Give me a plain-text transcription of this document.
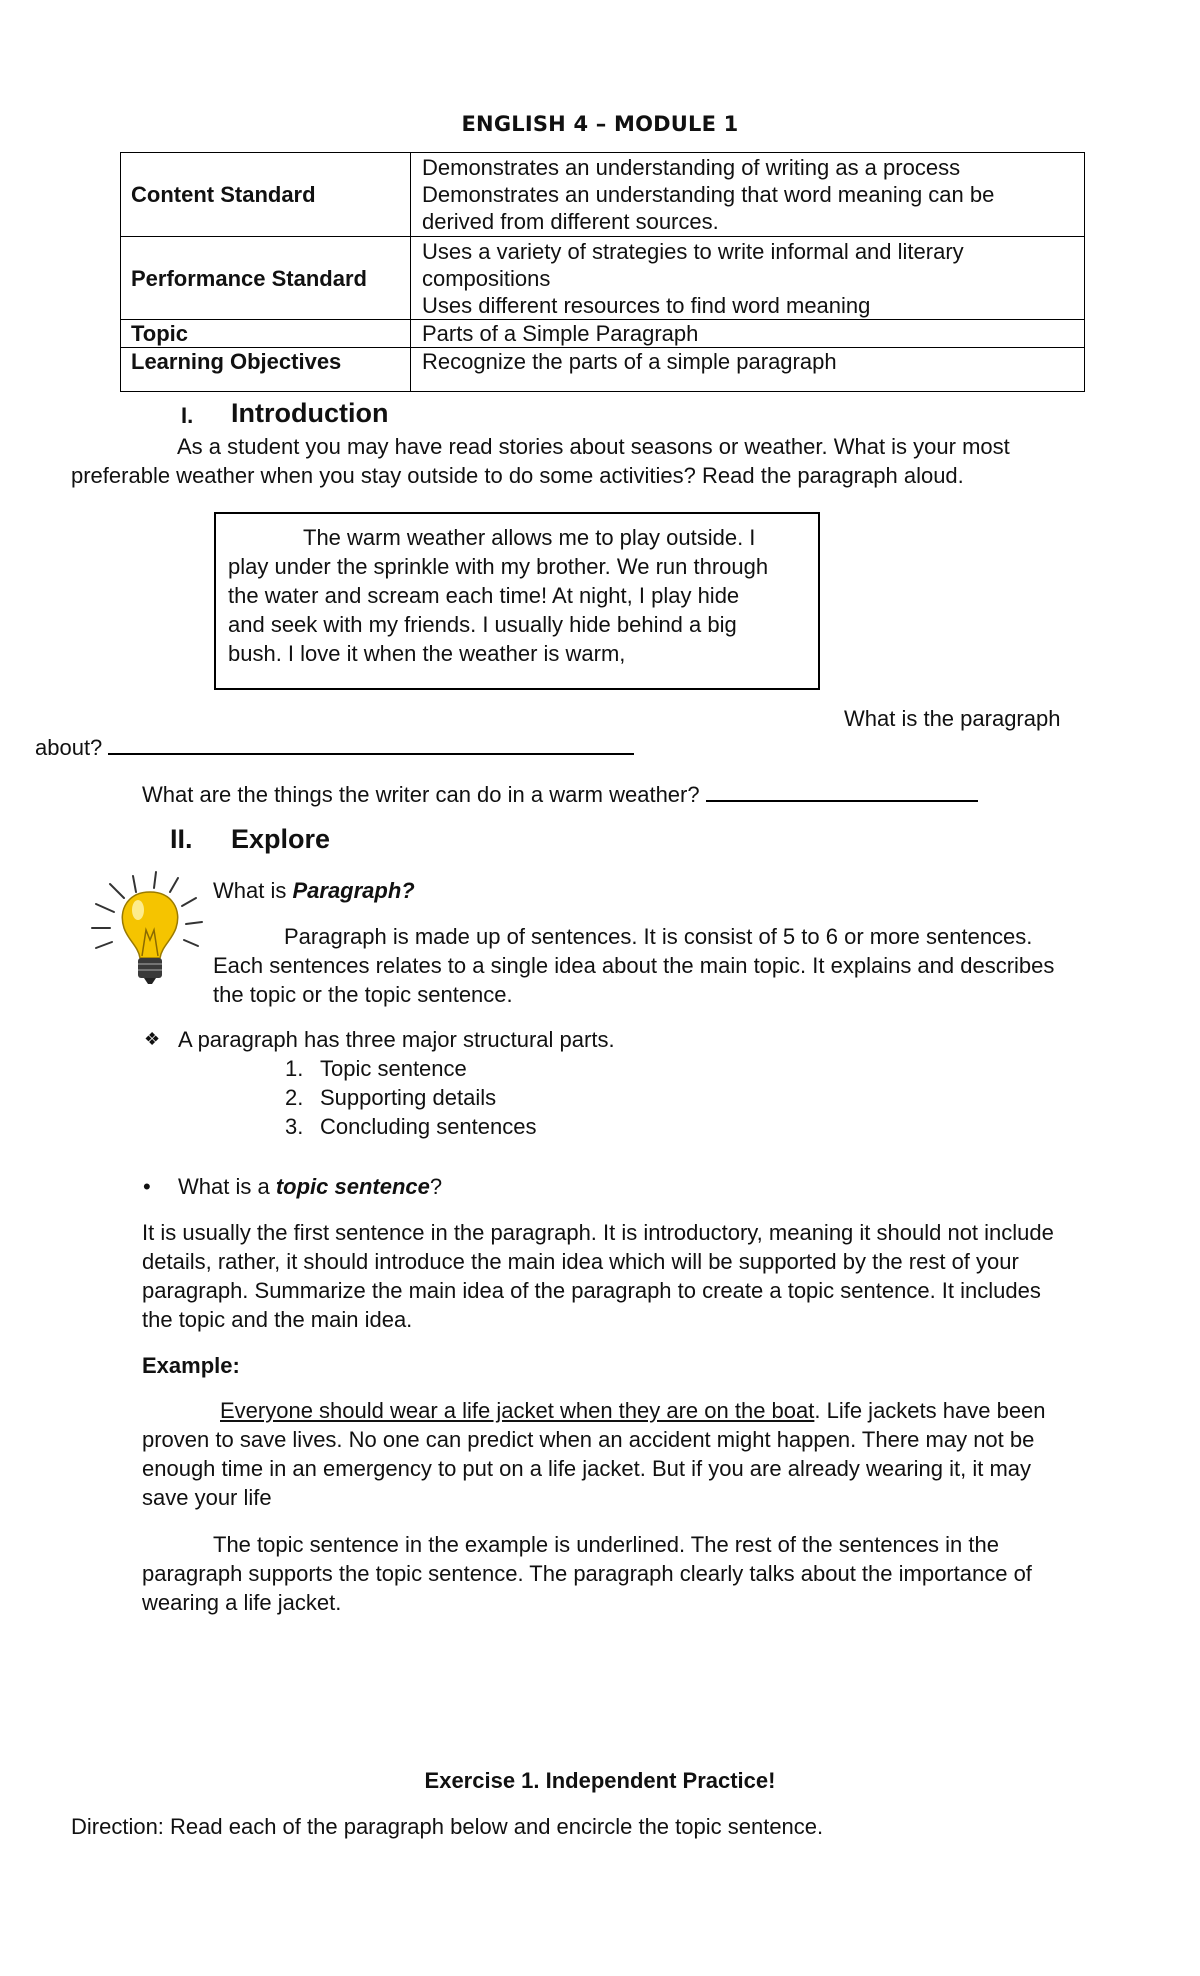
ENGLISH 4 – MODULE 1
Content Standard	Demonstrates an understanding of writing as a process
Demonstrates an understanding that word meaning can be
derived from different sources.

Performance Standard	Uses a variety of strategies to write informal and literary
compositions
Uses different resources to find word meaning

Topic	Parts of a Simple Paragraph
Learning Objectives	Recognize the parts of a simple paragraph
I. Introduction
As a student you may have read stories about seasons or weather. What is your most
preferable weather when you stay outside to do some activities? Read the paragraph aloud.
The warm weather allows me to play outside. I
play under the sprinkle with my brother. We run through
the water and scream each time! At night, I play hide
and seek with my friends. I usually hide behind a big
bush. I love it when the weather is warm,
What is the paragraph
about?
What are the things the writer can do in a warm weather?
II. Explore
What is Paragraph?
Paragraph is made up of sentences. It is consist of 5 to 6 or more sentences.
Each sentences relates to a single idea about the main topic. It explains and describes
the topic or the topic sentence.
❖ A paragraph has three major structural parts.
1. Topic sentence
2. Supporting details
3. Concluding sentences
• What is a topic sentence?
It is usually the first sentence in the paragraph. It is introductory, meaning it should not include
details, rather, it should introduce the main idea which will be supported by the rest of your
paragraph. Summarize the main idea of the paragraph to create a topic sentence. It includes
the topic and the main idea.
Example:
Everyone should wear a life jacket when they are on the boat. Life jackets have been
proven to save lives. No one can predict when an accident might happen. There may not be
enough time in an emergency to put on a life jacket. But if you are already wearing it, it may
save your life
The topic sentence in the example is underlined. The rest of the sentences in the
paragraph supports the topic sentence. The paragraph clearly talks about the importance of
wearing a life jacket.
Exercise 1. Independent Practice!
Direction: Read each of the paragraph below and encircle the topic sentence.
